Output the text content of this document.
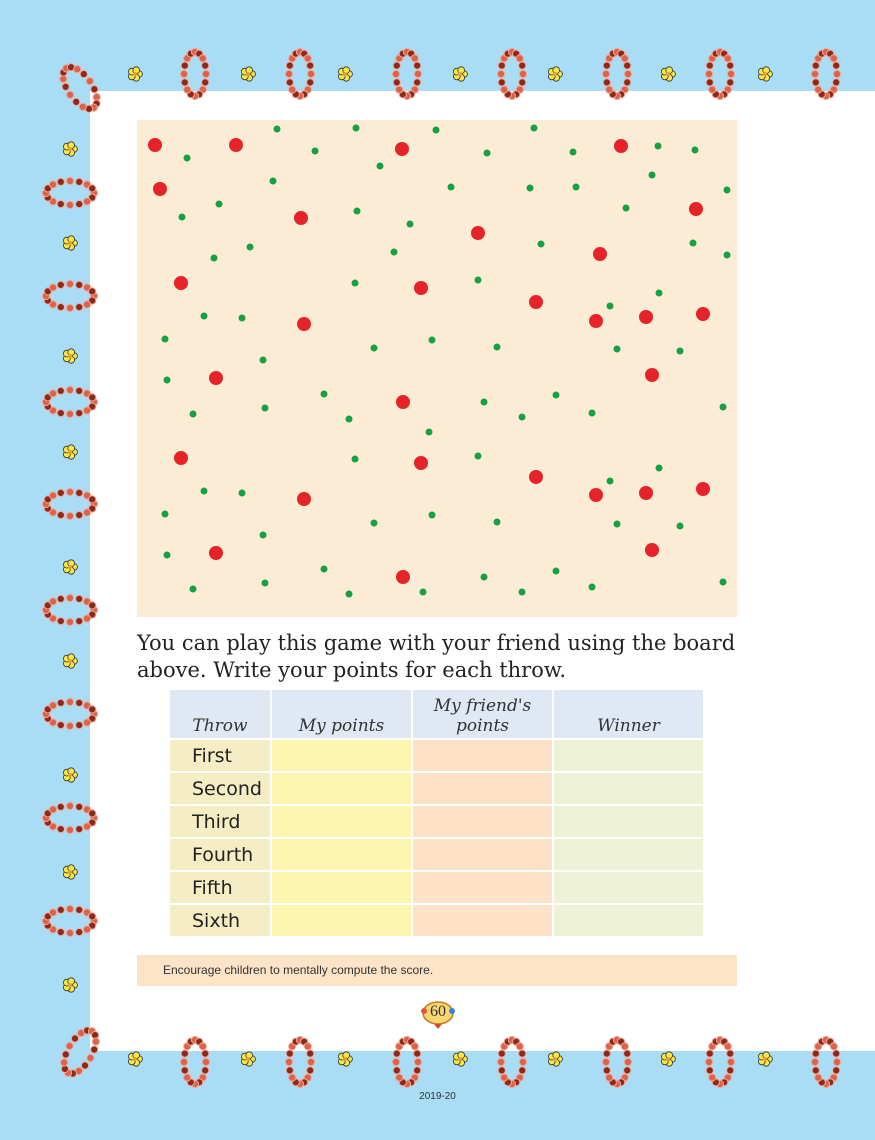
You can play this game with your friend using the board above. Write your points for each throw.
Throw	My points	My friend's points	Winner
First			
Second			
Third			
Fourth			
Fifth			
Sixth			
Encourage children to mentally compute the score.
60
2019-20
